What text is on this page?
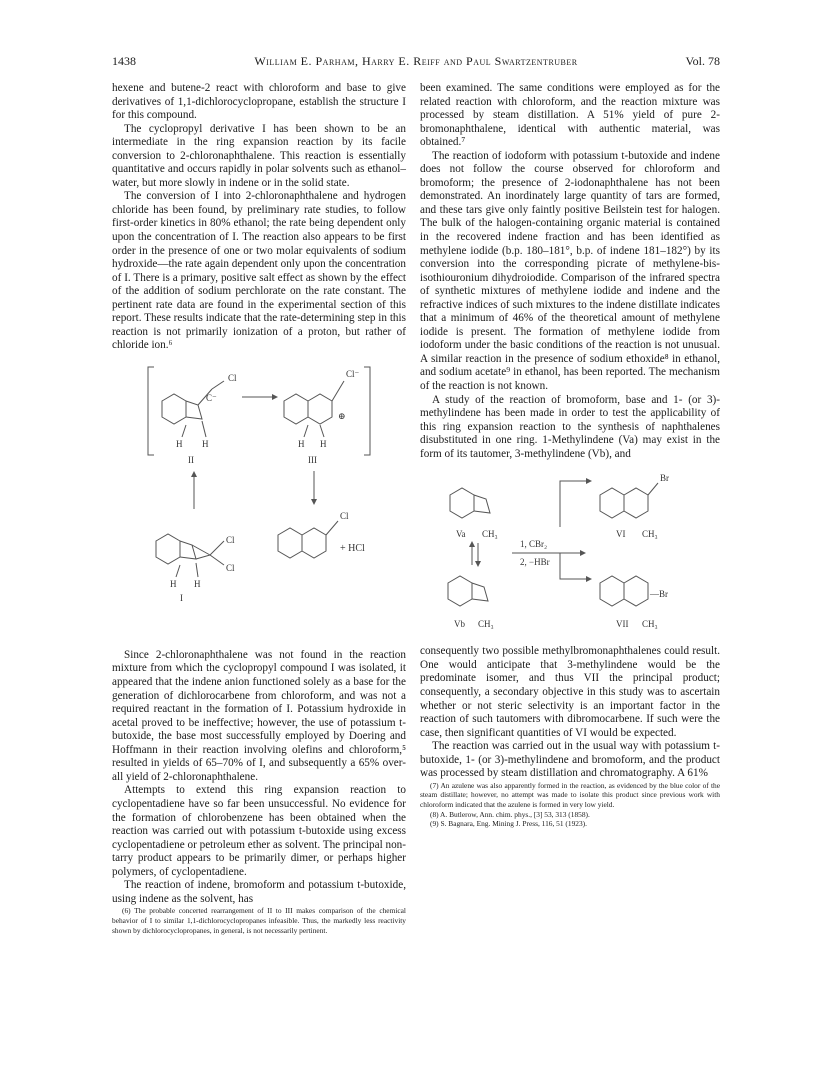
1438	William E. Parham, Harry E. Reiff and Paul Swartzentruber	Vol. 78

hexene and butene-2 react with chloroform and base to give derivatives of 1,1-dichlorocyclopropane, establish the structure I for this compound.

The cyclopropyl derivative I has been shown to be an intermediate in the ring expansion reaction by its facile conversion to 2-chloronaphthalene. This reaction is essentially quantitative and occurs rapidly in polar solvents such as ethanol–water, but more slowly in indene or in the solid state.

The conversion of I into 2-chloronaphthalene and hydrogen chloride has been found, by preliminary rate studies, to follow first-order kinetics in 80% ethanol; the rate being dependent only upon the concentration of I. The reaction also appears to be first order in the presence of one or two molar equivalents of sodium hydroxide—the rate again dependent only upon the concentration of I. There is a primary, positive salt effect as shown by the effect of the addition of sodium perchlorate on the rate constant. The pertinent rate data are found in the experimental section of this report. These results indicate that the rate-determining step in this reaction is not primarily ionization of a proton, but rather of chloride ion.⁶

Cl
C⁻
Cl⁻
⊕
H H	H H
II	III
Cl
Cl
H H
I
Cl
+ HCl

Since 2-chloronaphthalene was not found in the reaction mixture from which the cyclopropyl compound I was isolated, it appeared that the indene anion functioned solely as a base for the generation of dichlorocarbene from chloroform, and was not a required reactant in the formation of I. Potassium hydroxide in acetal proved to be ineffective; however, the use of potassium t-butoxide, the base most successfully employed by Doering and Hoffmann in their reaction involving olefins and chloroform,⁵ resulted in yields of 65–70% of I, and subsequently a 65% over-all yield of 2-chloronaphthalene.

Attempts to extend this ring expansion reaction to cyclopentadiene have so far been unsuccessful. No evidence for the formation of chlorobenzene has been obtained when the reaction was carried out with potassium t-butoxide using excess cyclopentadiene or petroleum ether as solvent. The principal non-tarry product appears to be primarily dimer, or perhaps higher polymers, of cyclopentadiene.

The reaction of indene, bromoform and potassium t-butoxide, using indene as the solvent, has

(6) The probable concerted rearrangement of II to III makes comparison of the chemical behavior of I to similar 1,1-dichlorocyclopropanes infeasible. Thus, the markedly less reactivity shown by dichlorocyclopropanes, in general, is not necessarily pertinent.

been examined. The same conditions were employed as for the related reaction with chloroform, and the reaction mixture was processed by steam distillation. A 51% yield of pure 2-bromonaphthalene, identical with authentic material, was obtained.⁷

The reaction of iodoform with potassium t-butoxide and indene does not follow the course observed for chloroform and bromoform; the presence of 2-iodonaphthalene has not been demonstrated. An inordinately large quantity of tars are formed, and these tars give only faintly positive Beilstein test for halogen. The bulk of the halogen-containing organic material is contained in the recovered indene fraction and has been identified as methylene iodide (b.p. 180–181°, b.p. of indene 181–182°) by its conversion into the corresponding picrate of methylene-bis-isothiouronium dihydroiodide. Comparison of the infrared spectra of synthetic mixtures of methylene iodide and indene and the refractive indices of such mixtures to the indene distillate indicates that a minimum of 46% of the theoretical amount of methylene iodide is present. The formation of methylene iodide from iodoform under the basic conditions of the reaction is not unusual. A similar reaction in the presence of sodium ethoxide⁸ in ethanol, and sodium acetate⁹ in ethanol, has been reported. The mechanism of the reaction is not known.

A study of the reaction of bromoform, base and 1- (or 3)-methylindene has been made in order to test the applicability of this ring expansion reaction to the synthesis of naphthalenes disubstituted in one ring. 1-Methylindene (Va) may exist in the form of its tautomer, 3-methylindene (Vb), and

Va CH₃
Br
VI CH₃
1, CBr₂
2, −HBr
Vb CH₃
—Br
VII CH₃

consequently two possible methylbromonaphthalenes could result. One would anticipate that 3-methylindene would be the predominate isomer, and thus VII the principal product; consequently, a secondary objective in this study was to ascertain whether or not steric selectivity is an important factor in the reaction of such tautomers with dibromocarbene. If such were the case, then significant quantities of VI would be expected.

The reaction was carried out in the usual way with potassium t-butoxide, 1- (or 3)-methylindene and bromoform, and the product was processed by steam distillation and chromatography. A 61%

(7) An azulene was also apparently formed in the reaction, as evidenced by the blue color of the steam distillate; however, no attempt was made to isolate this product since previous work with chloroform indicated that the azulene is formed in very low yield.

(8) A. Butlerow, Ann. chim. phys., [3] 53, 313 (1858).

(9) S. Bagnara, Eng. Mining J. Press, 116, 51 (1923).
